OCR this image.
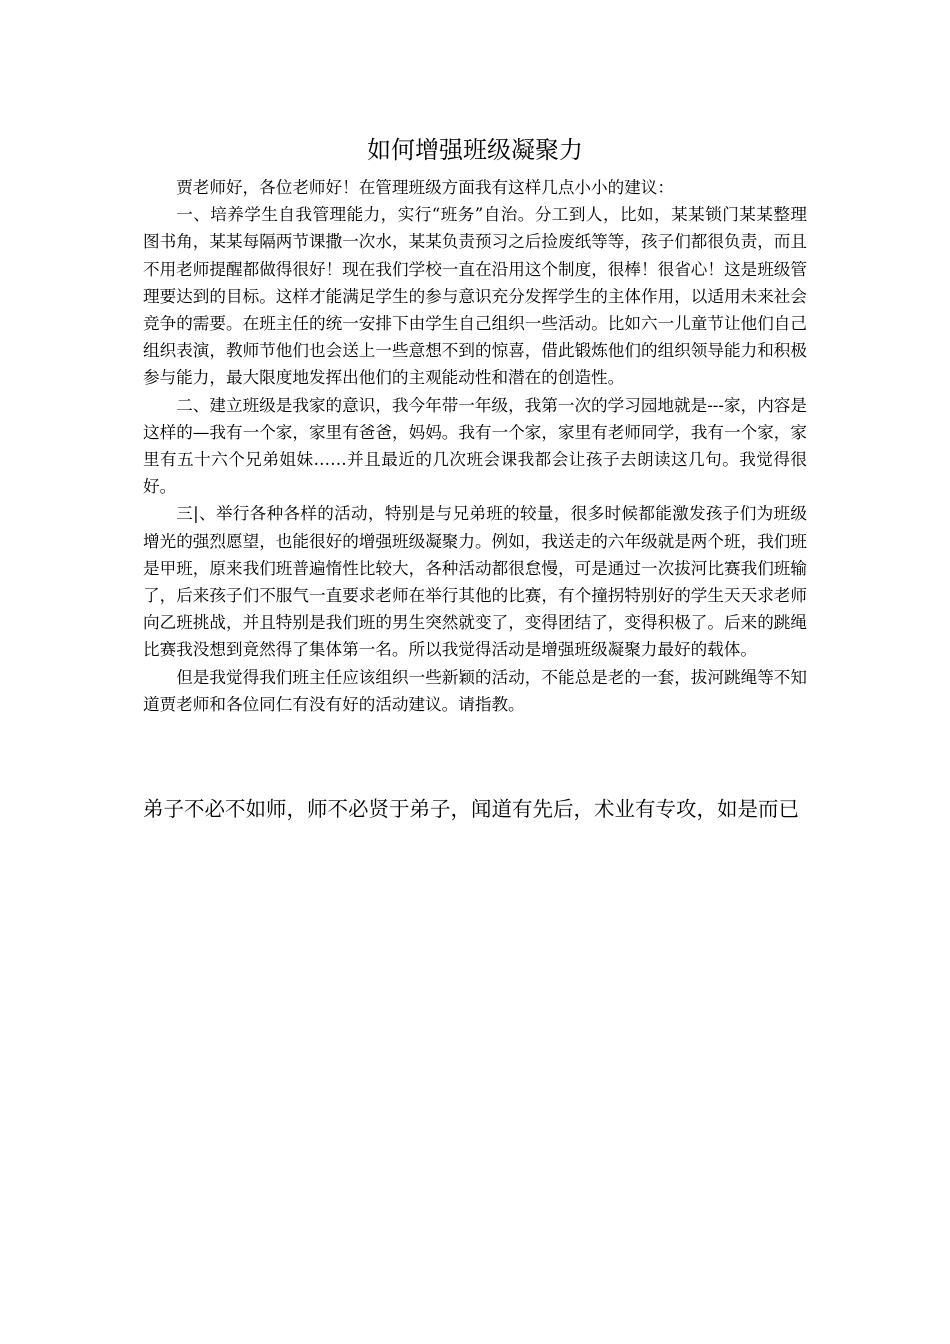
如何增强班级凝聚力

贾老师好，各位老师好！在管理班级方面我有这样几点小小的建议：

一、培养学生自我管理能力，实行“班务”自治。分工到人，比如，某某锁门某某整理图书角，某某每隔两节课撒一次水，某某负责预习之后捡废纸等等，孩子们都很负责，而且不用老师提醒都做得很好！现在我们学校一直在沿用这个制度，很棒！很省心！这是班级管理要达到的目标。这样才能满足学生的参与意识充分发挥学生的主体作用，以适用未来社会竞争的需要。在班主任的统一安排下由学生自己组织一些活动。比如六一儿童节让他们自己组织表演，教师节他们也会送上一些意想不到的惊喜，借此锻炼他们的组织领导能力和积极参与能力，最大限度地发挥出他们的主观能动性和潜在的创造性。

二、建立班级是我家的意识，我今年带一年级，我第一次的学习园地就是---家，内容是这样的—我有一个家，家里有爸爸，妈妈。我有一个家，家里有老师同学，我有一个家，家里有五十六个兄弟姐妹……并且最近的几次班会课我都会让孩子去朗读这几句。我觉得很好。

三|、举行各种各样的活动，特别是与兄弟班的较量，很多时候都能激发孩子们为班级增光的强烈愿望，也能很好的增强班级凝聚力。例如，我送走的六年级就是两个班，我们班是甲班，原来我们班普遍惰性比较大，各种活动都很怠慢，可是通过一次拔河比赛我们班输了，后来孩子们不服气一直要求老师在举行其他的比赛，有个撞拐特别好的学生天天求老师向乙班挑战，并且特别是我们班的男生突然就变了，变得团结了，变得积极了。后来的跳绳比赛我没想到竟然得了集体第一名。所以我觉得活动是增强班级凝聚力最好的载体。

但是我觉得我们班主任应该组织一些新颖的活动，不能总是老的一套，拔河跳绳等不知道贾老师和各位同仁有没有好的活动建议。请指教。

弟子不必不如师，师不必贤于弟子，闻道有先后，术业有专攻，如是而已
